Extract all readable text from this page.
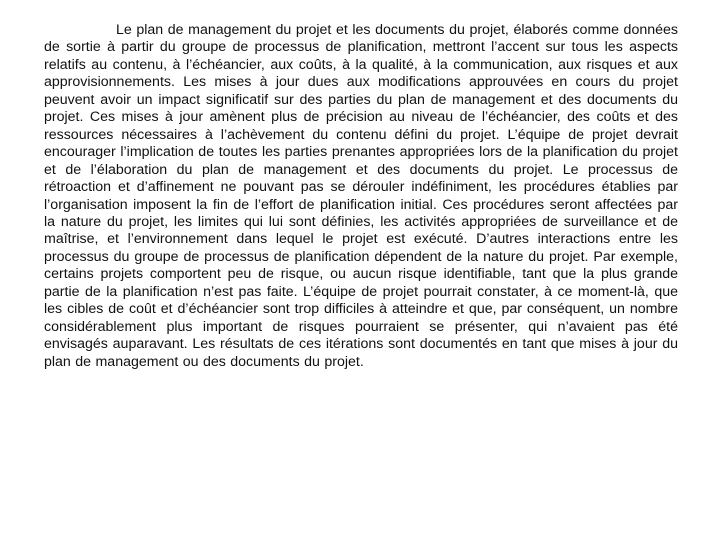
Le plan de management du projet et les documents du projet, élaborés comme données de sortie à partir du groupe de processus de planification, mettront l’accent sur tous les aspects relatifs au contenu, à l’échéancier, aux coûts, à la qualité, à la communication, aux risques et aux approvisionnements. Les mises à jour dues aux modifications approuvées en cours du projet peuvent avoir un impact significatif sur des parties du plan de management et des documents du projet. Ces mises à jour amènent plus de précision au niveau de l’échéancier, des coûts et des ressources nécessaires à l’achèvement du contenu défini du projet. L’équipe de projet devrait encourager l’implication de toutes les parties prenantes appropriées lors de la planification du projet et de l’élaboration du plan de management et des documents du projet. Le processus de rétroaction et d’affinement ne pouvant pas se dérouler indéfiniment, les procédures établies par l’organisation imposent la fin de l’effort de planification initial. Ces procédures seront affectées par la nature du projet, les limites qui lui sont définies, les activités appropriées de surveillance et de maîtrise, et l’environnement dans lequel le projet est exécuté. D’autres interactions entre les processus du groupe de processus de planification dépendent de la nature du projet. Par exemple, certains projets comportent peu de risque, ou aucun risque identifiable, tant que la plus grande partie de la planification n’est pas faite. L’équipe de projet pourrait constater, à ce moment-là, que les cibles de coût et d’échéancier sont trop difficiles à atteindre et que, par conséquent, un nombre considérablement plus important de risques pourraient se présenter, qui n’avaient pas été envisagés auparavant. Les résultats de ces itérations sont documentés en tant que mises à jour du plan de management ou des documents du projet.
